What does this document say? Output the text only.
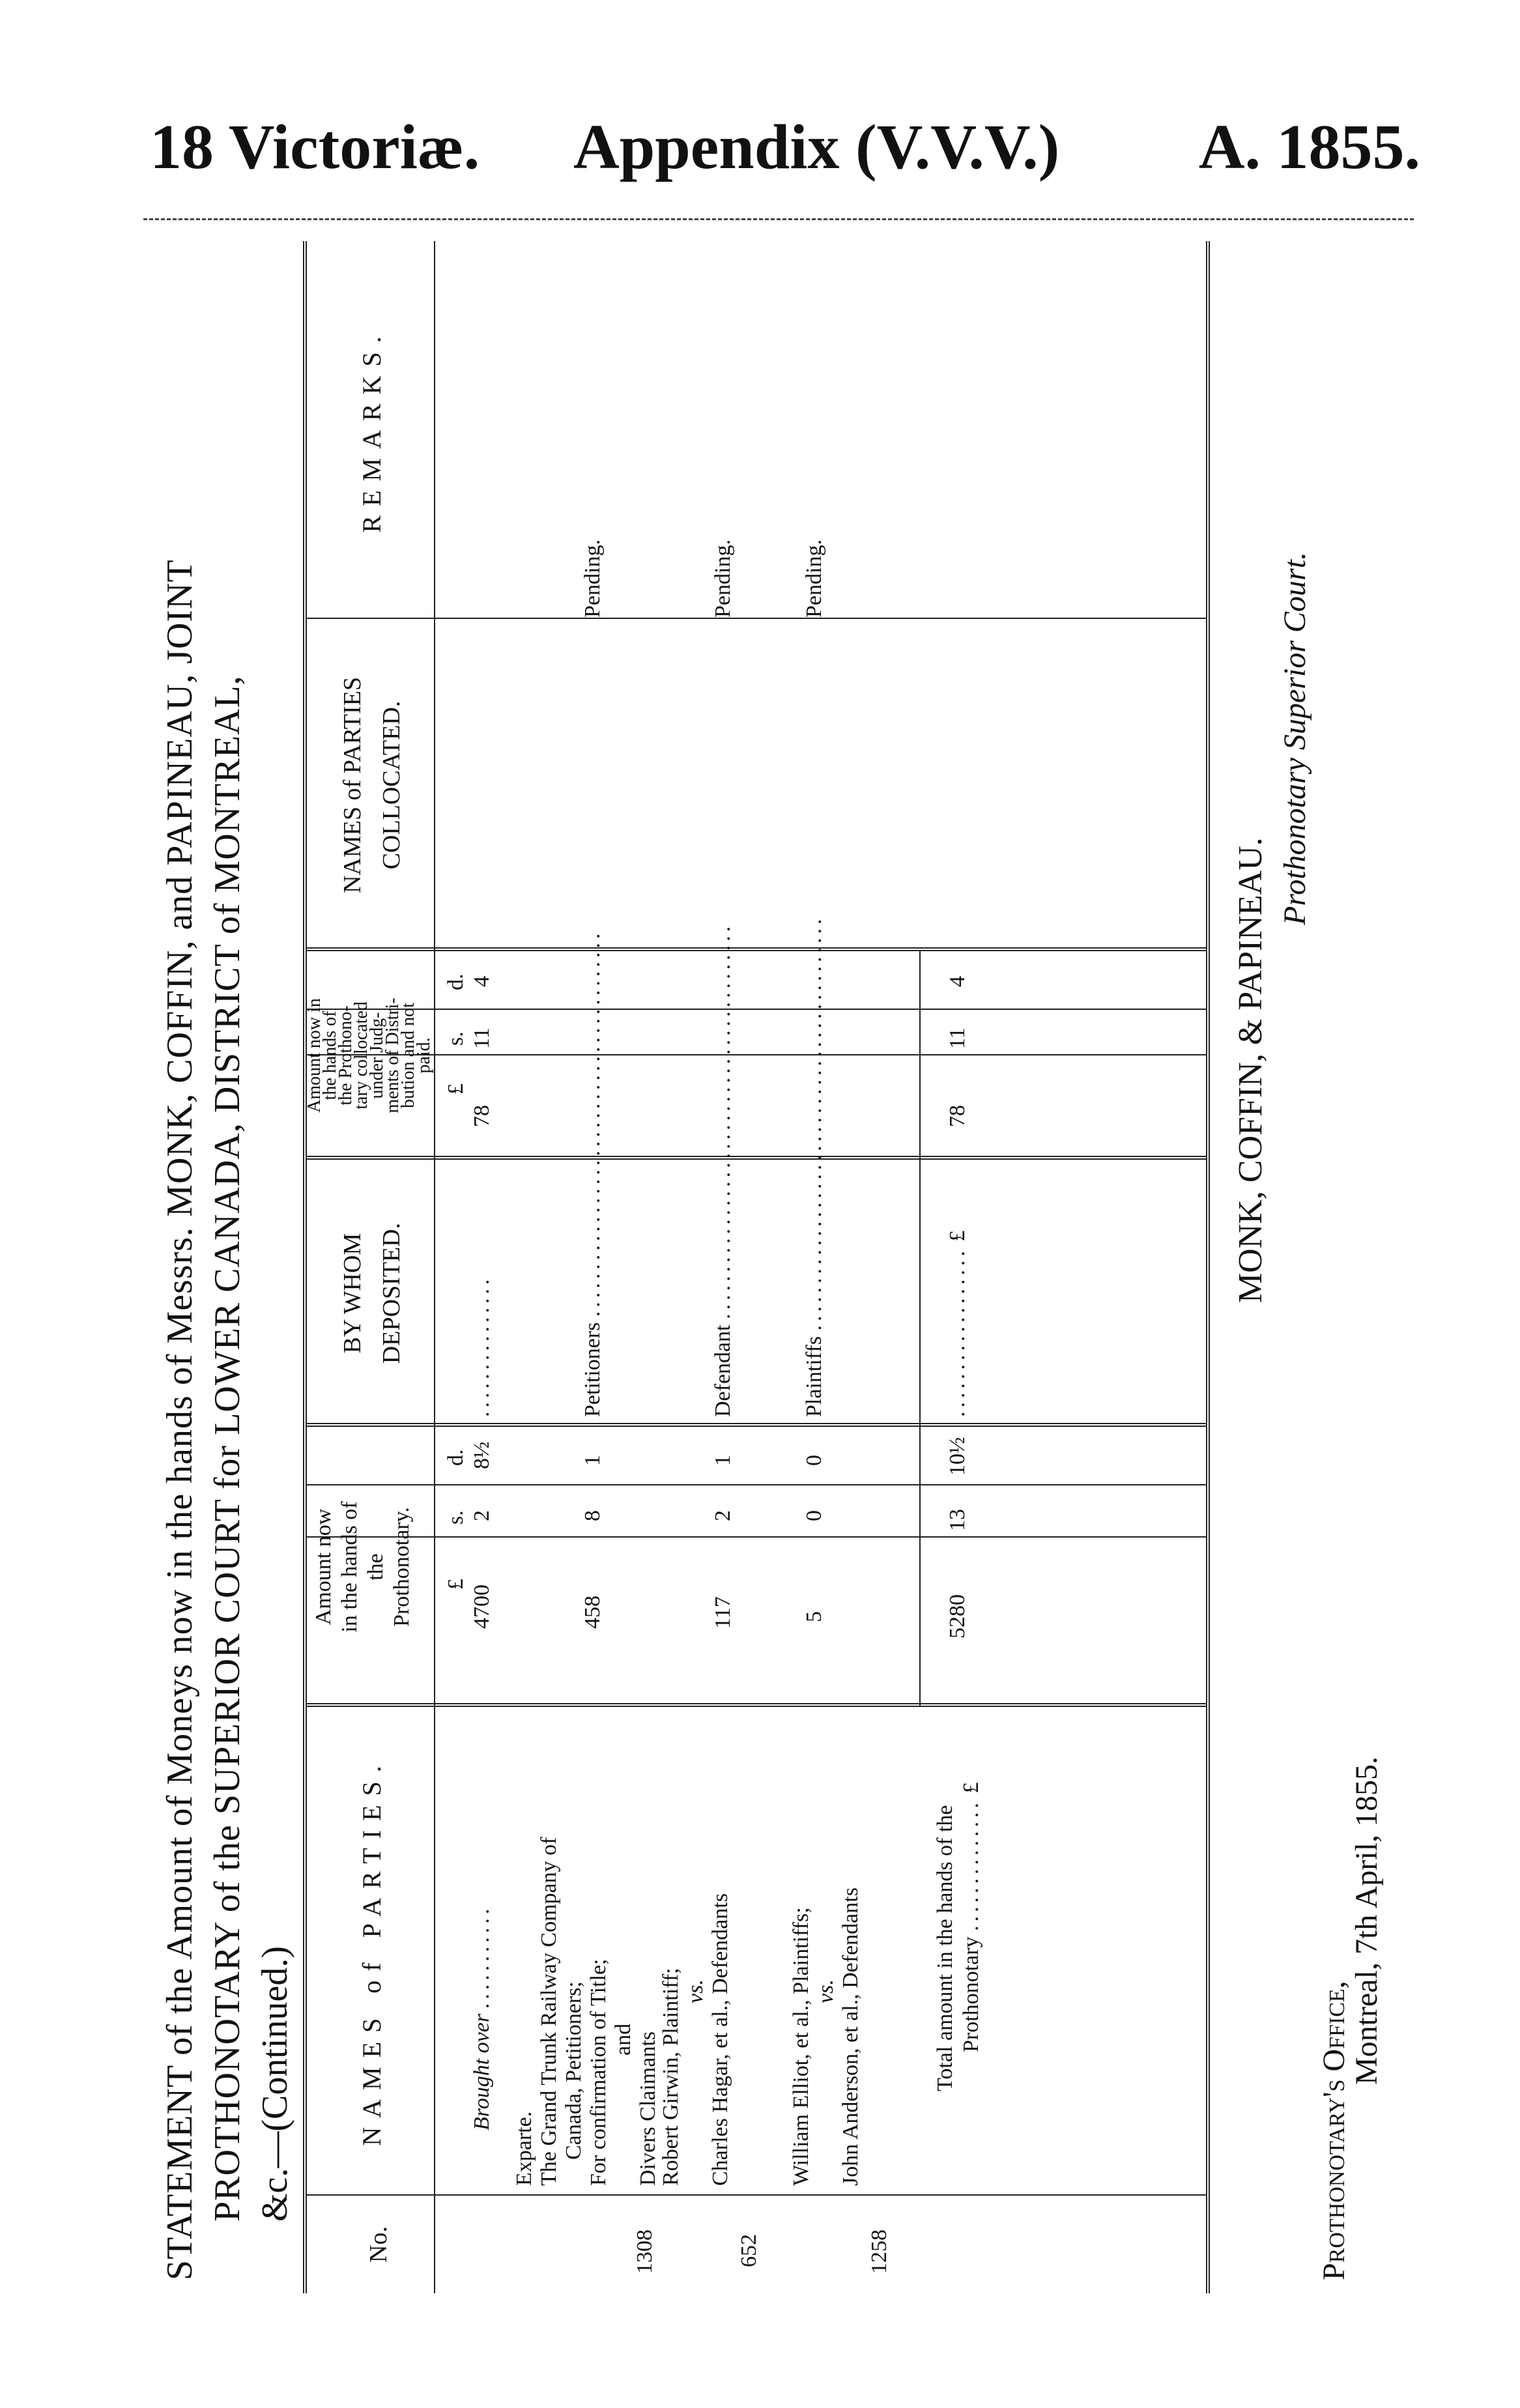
18 Victoriæ. Appendix (V.V.V.) A. 1855.
STATEMENT of the Amount of Moneys now in the hands of Messrs. MONK, COFFIN, and PAPINEAU, JOINT PROTHONOTARY of the SUPERIOR COURT for LOWER CANADA, DISTRICT of MONTREAL, &c.—(Continued.)
No.
NAMES of PARTIES.
Amount now in the hands of the Prothonotary.
BY WHOM DEPOSITED.
Amount now in
the hands of
the Prothono-
tary collocated
under Judg-
ments of Distri-
bution and not
paid.
NAMES of PARTIES COLLOCATED.
REMARKS.
£
s.
d.
£
s.
d.
Brought over ...........
4700
2
8½
...............
78
11
4
1308
Exparte. The Grand Trunk Railway Company of Canada, Petitioners; For confirmation of Title; and Divers Claimants
458
8
1
Petitioners .........................................
Pending.
652
Robert Girwin, Plaintiff; vs. Charles Hagar, et al., Defendants
117
2
1
Defendant ..........................................
Pending.
1258
William Elliot, et al., Plaintiffs; vs. John Anderson, et al., Defendants
5
0
0
Plaintiffs ............................................
Pending.
Total amount in the hands of the Prothonotary .............. £
5280
13
10½
.................. £
78
11
4	MONK, COFFIN, & PAPINEAU.
Prothonotary Superior Court.
Prothonotary's Office,
Montreal, 7th April, 1855.
